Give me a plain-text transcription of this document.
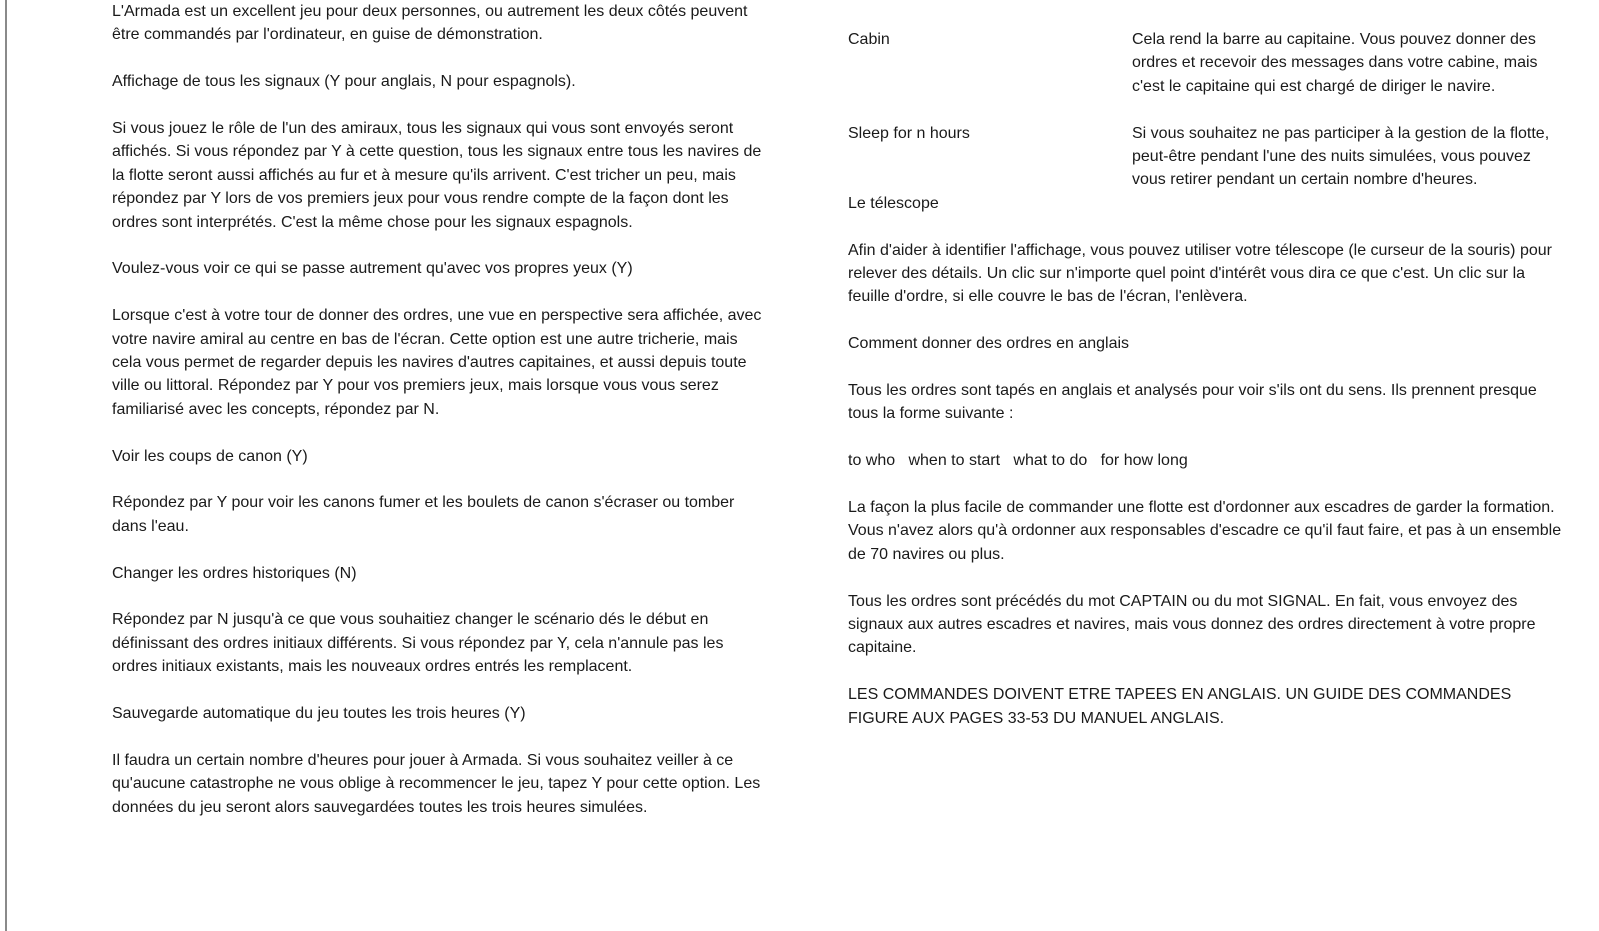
L'Armada est un excellent jeu pour deux personnes, ou autrement les deux côtés peuvent être commandés par l'ordinateur, en guise de démonstration.

Affichage de tous les signaux (Y pour anglais, N pour espagnols).

Si vous jouez le rôle de l'un des amiraux, tous les signaux qui vous sont envoyés seront affichés. Si vous répondez par Y à cette question, tous les signaux entre tous les navires de la flotte seront aussi affichés au fur et à mesure qu'ils arrivent. C'est tricher un peu, mais répondez par Y lors de vos premiers jeux pour vous rendre compte de la façon dont les ordres sont interprétés. C'est la même chose pour les signaux espagnols.

Voulez-vous voir ce qui se passe autrement qu'avec vos propres yeux (Y)

Lorsque c'est à votre tour de donner des ordres, une vue en perspective sera affichée, avec votre navire amiral au centre en bas de l'écran. Cette option est une autre tricherie, mais cela vous permet de regarder depuis les navires d'autres capitaines, et aussi depuis toute ville ou littoral. Répondez par Y pour vos premiers jeux, mais lorsque vous vous serez familiarisé avec les concepts, répondez par N.

Voir les coups de canon (Y)

Répondez par Y pour voir les canons fumer et les boulets de canon s'écraser ou tomber dans l'eau.

Changer les ordres historiques (N)

Répondez par N jusqu'à ce que vous souhaitiez changer le scénario dés le début en définissant des ordres initiaux différents. Si vous répondez par Y, cela n'annule pas les ordres initiaux existants, mais les nouveaux ordres entrés les remplacent.

Sauvegarde automatique du jeu toutes les trois heures (Y)

Il faudra un certain nombre d'heures pour jouer à Armada. Si vous souhaitez veiller à ce qu'aucune catastrophe ne vous oblige à recommencer le jeu, tapez Y pour cette option. Les données du jeu seront alors sauvegardées toutes les trois heures simulées.

Cabin	Cela rend la barre au capitaine. Vous pouvez donner des ordres et recevoir des messages dans votre cabine, mais c'est le capitaine qui est chargé de diriger le navire.
Sleep for n hours	Si vous souhaitez ne pas participer à la gestion de la flotte, peut-être pendant l'une des nuits simulées, vous pouvez vous retirer pendant un certain nombre d'heures.

Le télescope

Afin d'aider à identifier l'affichage, vous pouvez utiliser votre télescope (le curseur de la souris) pour relever des détails. Un clic sur n'importe quel point d'intérêt vous dira ce que c'est. Un clic sur la feuille d'ordre, si elle couvre le bas de l'écran, l'enlèvera.

Comment donner des ordres en anglais

Tous les ordres sont tapés en anglais et analysés pour voir s'ils ont du sens. Ils prennent presque tous la forme suivante :

to who   when to start   what to do   for how long

La façon la plus facile de commander une flotte est d'ordonner aux escadres de garder la formation. Vous n'avez alors qu'à ordonner aux responsables d'escadre ce qu'il faut faire, et pas à un ensemble de 70 navires ou plus.

Tous les ordres sont précédés du mot CAPTAIN ou du mot SIGNAL. En fait, vous envoyez des signaux aux autres escadres et navires, mais vous donnez des ordres directement à votre propre capitaine.

LES COMMANDES DOIVENT ETRE TAPEES EN ANGLAIS. UN GUIDE DES COMMANDES FIGURE AUX PAGES 33-53 DU MANUEL ANGLAIS.
